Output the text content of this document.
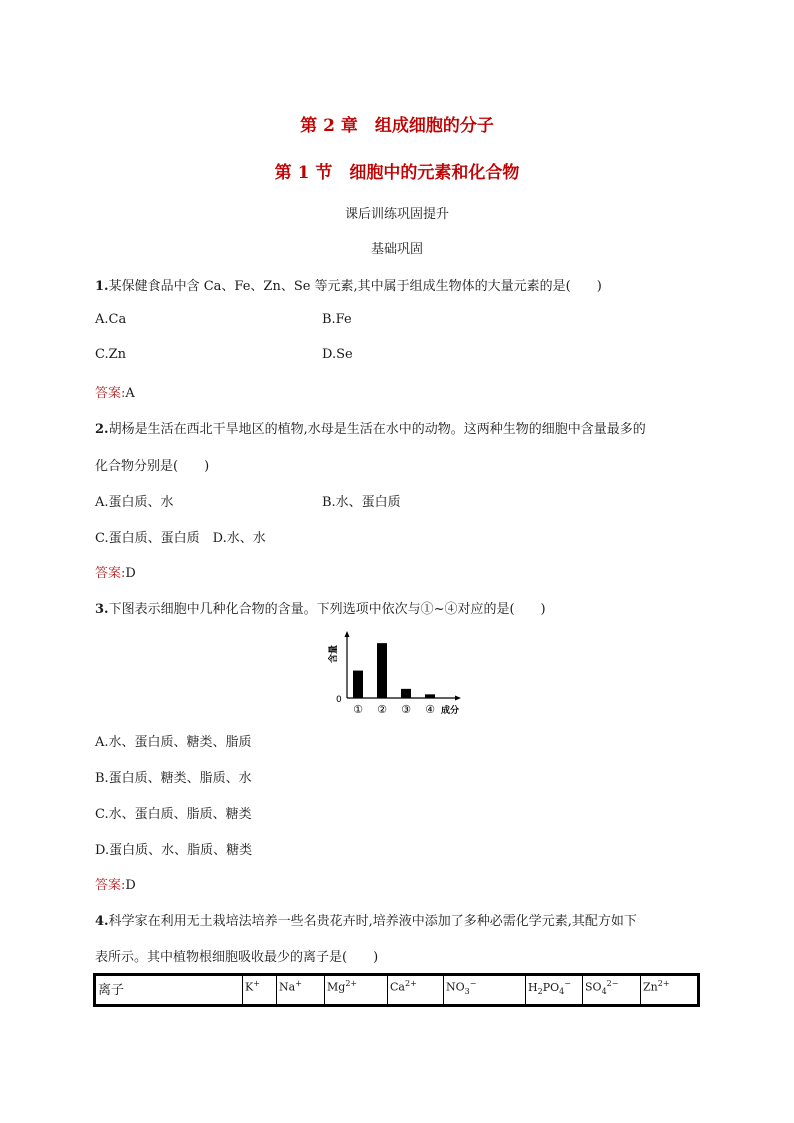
第 2 章　组成细胞的分子
第 1 节　细胞中的元素和化合物
课后训练巩固提升
基础巩固
1.某保健食品中含 Ca、Fe、Zn、Se 等元素,其中属于组成生物体的大量元素的是(　　)
A.Ca	B.Fe
C.Zn	D.Se
答案:A
2.胡杨是生活在西北干旱地区的植物,水母是生活在水中的动物。这两种生物的细胞中含量最多的
化合物分别是(　　)
A.蛋白质、水	B.水、蛋白质
C.蛋白质、蛋白质　D.水、水
答案:D
3.下图表示细胞中几种化合物的含量。下列选项中依次与①~④对应的是(　　)
含量
0
成分
① ② ③ ④
A.水、蛋白质、糖类、脂质
B.蛋白质、糖类、脂质、水
C.水、蛋白质、脂质、糖类
D.蛋白质、水、脂质、糖类
答案:D
4.科学家在利用无土栽培法培养一些名贵花卉时,培养液中添加了多种必需化学元素,其配方如下
表所示。其中植物根细胞吸收最少的离子是(　　)
离子	K+	Na+	$Mg^{2+}$	$Ca^{2+}$	$NO_3^-$	$H_2PO_4^-$	$SO_4^{2-}$	$Zn^{2+}$
